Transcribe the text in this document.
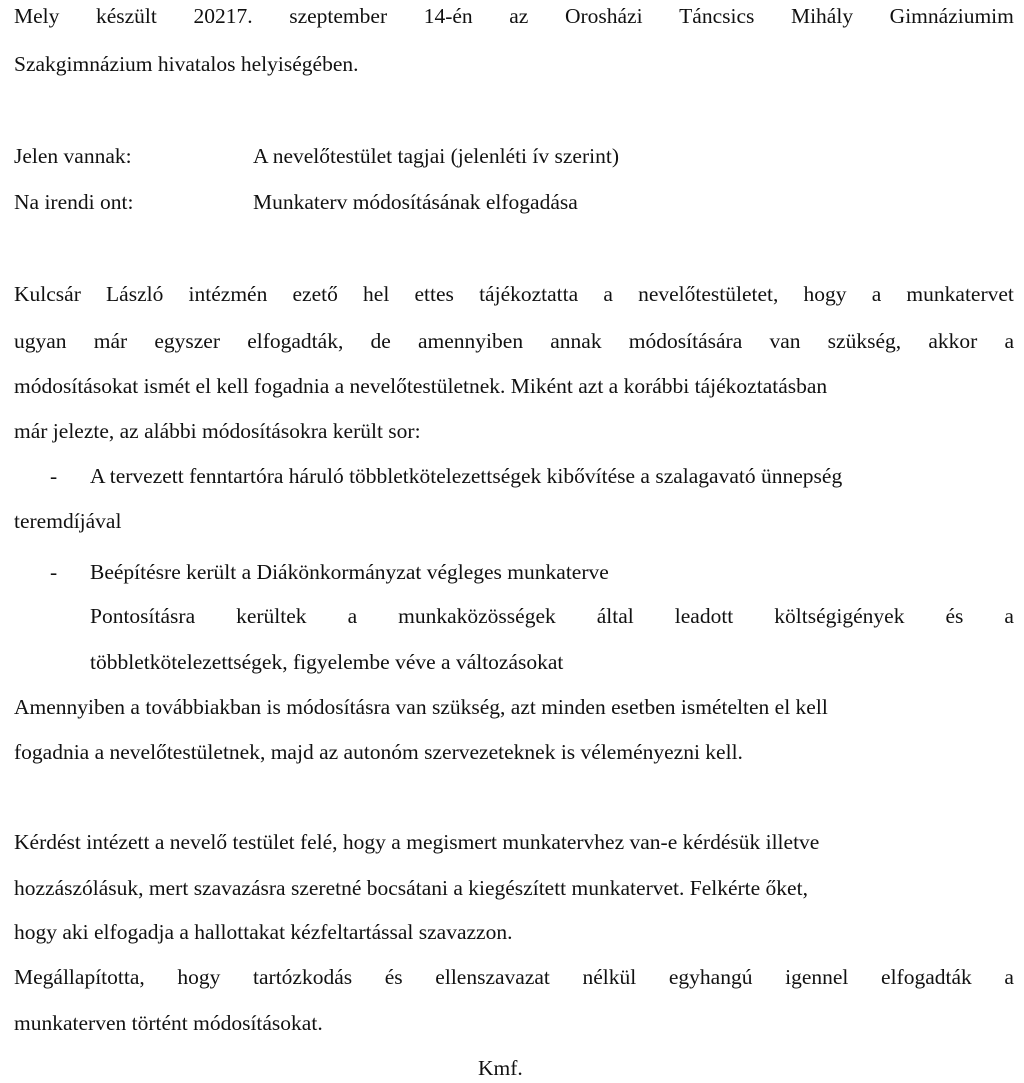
Mely készült 20217. szeptember 14-én az Orosházi Táncsics Mihály Gimnáziumim
Szakgimnázium hivatalos helyiségében.
Jelen vannak:	A nevelőtestület tagjai (jelenléti ív szerint)
Na irendi ont:	Munkaterv módosításának elfogadása
Kulcsár László intézmén ezető hel ettes tájékoztatta a nevelőtestületet, hogy a munkatervet
ugyan már egyszer elfogadták, de amennyiben annak módosítására van szükség, akkor a
módosításokat ismét el kell fogadnia a nevelőtestületnek. Miként azt a korábbi tájékoztatásban
már jelezte, az alábbi módosításokra került sor:
- A tervezett fenntartóra háruló többletkötelezettségek kibővítése a szalagavató ünnepség
teremdíjával
- Beépítésre került a Diákönkormányzat végleges munkaterve
Pontosításra kerültek a munkaközösségek által leadott költségigények és a
többletkötelezettségek, figyelembe véve a változásokat
Amennyiben a továbbiakban is módosításra van szükség, azt minden esetben ismételten el kell
fogadnia a nevelőtestületnek, majd az autonóm szervezeteknek is véleményezni kell.
Kérdést intézett a nevelő testület felé, hogy a megismert munkatervhez van-e kérdésük illetve
hozzászólásuk, mert szavazásra szeretné bocsátani a kiegészített munkatervet. Felkérte őket,
hogy aki elfogadja a hallottakat kézfeltartással szavazzon.
Megállapította, hogy tartózkodás és ellenszavazat nélkül egyhangú igennel elfogadták a
munkaterven történt módosításokat.
Kmf.
